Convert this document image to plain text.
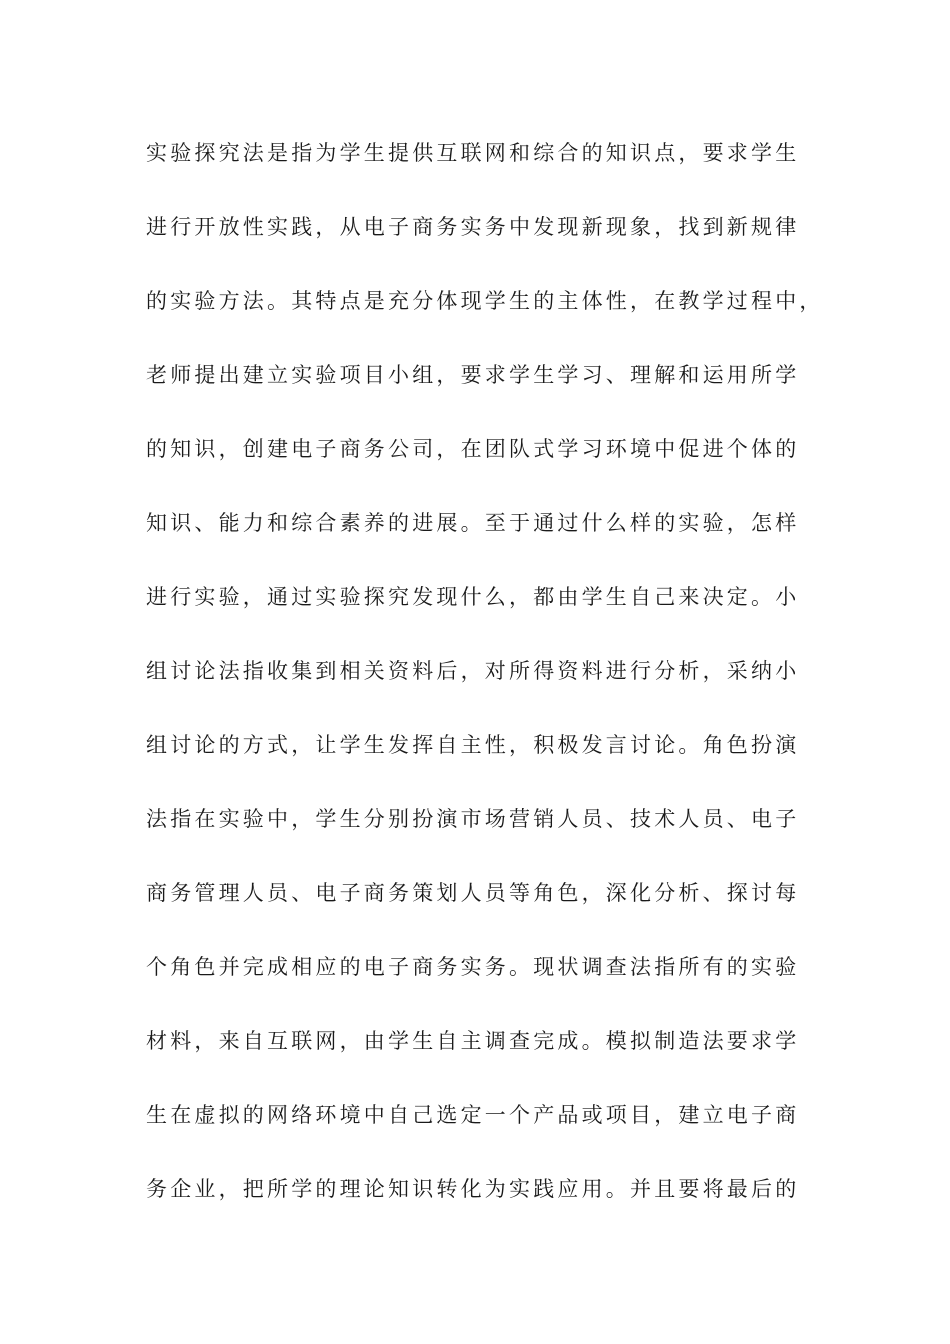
实验探究法是指为学生提供互联网和综合的知识点，要求学生
进行开放性实践，从电子商务实务中发现新现象，找到新规律
的实验方法。其特点是充分体现学生的主体性，在教学过程中，
老师提出建立实验项目小组，要求学生学习、理解和运用所学
的知识，创建电子商务公司，在团队式学习环境中促进个体的
知识、能力和综合素养的进展。至于通过什么样的实验，怎样
进行实验，通过实验探究发现什么，都由学生自己来决定。小
组讨论法指收集到相关资料后，对所得资料进行分析，采纳小
组讨论的方式，让学生发挥自主性，积极发言讨论。角色扮演
法指在实验中，学生分别扮演市场营销人员、技术人员、电子
商务管理人员、电子商务策划人员等角色，深化分析、探讨每
个角色并完成相应的电子商务实务。现状调查法指所有的实验
材料，来自互联网，由学生自主调查完成。模拟制造法要求学
生在虚拟的网络环境中自己选定一个产品或项目，建立电子商
务企业，把所学的理论知识转化为实践应用。并且要将最后的
